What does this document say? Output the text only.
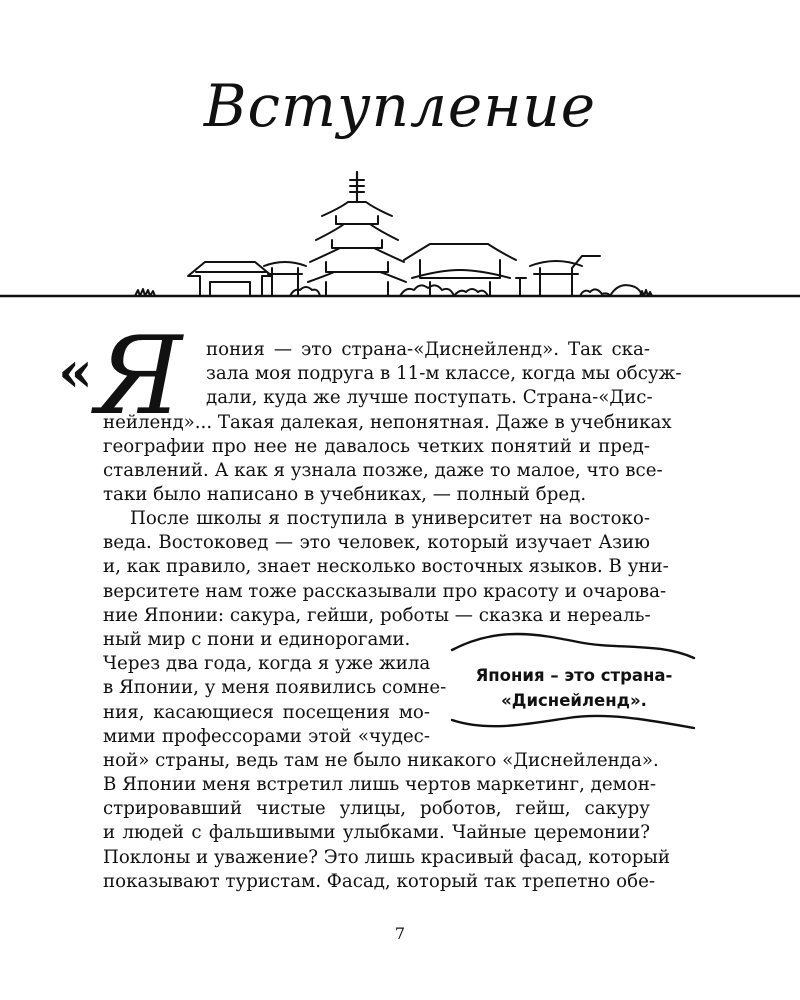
Вступление
«Я	пония — это страна-«Диснейленд». Так ска-
зала моя подруга в 11-м классе, когда мы обсуж-
дали, куда же лучше поступать. Страна-«Дис-
нейленд»... Такая далекая, непонятная. Даже в учебниках
географии про нее не давалось четких понятий и пред-
ставлений. А как я узнала позже, даже то малое, что все-
таки было написано в учебниках, — полный бред.
После школы я поступила в университет на востоко-
веда. Востоковед — это человек, который изучает Азию
и, как правило, знает несколько восточных языков. В уни-
верситете нам тоже рассказывали про красоту и очарова-
ние Японии: сакура, гейши, роботы — сказка и нереаль-
ный мир с пони и единорогами.
Через два года, когда я уже жила
в Японии, у меня появились сомне-
ния, касающиеся посещения мо-
мими профессорами этой «чудес-
ной» страны, ведь там не было никакого «Диснейленда».
В Японии меня встретил лишь чертов маркетинг, демон-
стрировавший чистые улицы, роботов, гейш, сакуру
и людей с фальшивыми улыбками. Чайные церемонии?
Поклоны и уважение? Это лишь красивый фасад, который
показывают туристам. Фасад, который так трепетно обе-
Япония – это страна-
«Диснейленд».
7
